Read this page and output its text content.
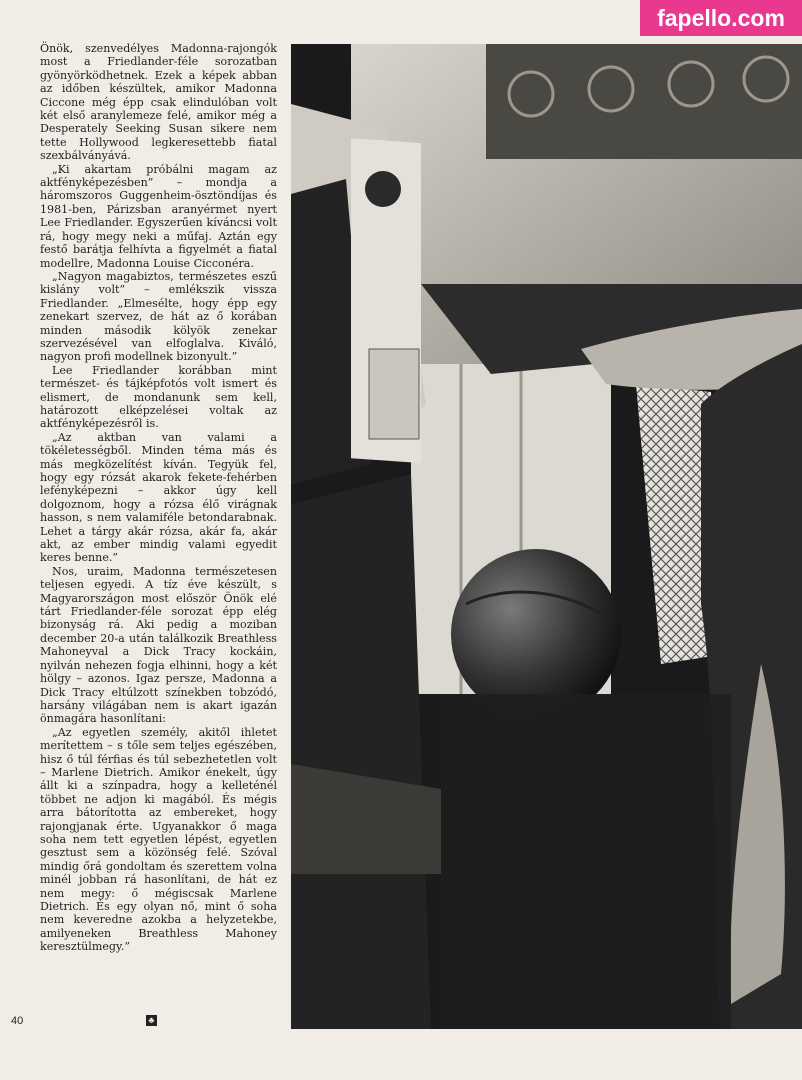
fapello.com

Önök, szenvedélyes Madonna-rajongók most a Friedlander-féle sorozatban gyönyörködhetnek. Ezek a képek abban az időben készültek, amikor Madonna Ciccone még épp csak elindulóban volt két első aranylemeze felé, amikor még a Desperately Seeking Susan sikere nem tette Hollywood legkeresettebb fiatal szexbálványává.

„Ki akartam próbálni magam az aktfényképezésben” – mondja a háromszoros Guggenheim-ösztöndíjas és 1981-ben, Párizsban aranyérmet nyert Lee Friedlander. Egyszerűen kíváncsi volt rá, hogy megy neki a műfaj. Aztán egy festő barátja felhívta a figyelmét a fiatal modellre, Madonna Louise Cicconéra.

„Nagyon magabiztos, természetes eszű kislány volt” – emlékszik vissza Friedlander. „Elmesélte, hogy épp egy zenekart szervez, de hát az ő korában minden második kölyök zenekar szervezésével van elfoglalva. Kiváló, nagyon profi modellnek bizonyult.”

Lee Friedlander korábban mint természet- és tájképfotós volt ismert és elismert, de mondanunk sem kell, határozott elképzelései voltak az aktfényképezésről is.

„Az aktban van valami a tökéletességből. Minden téma más és más megközelítést kíván. Tegyük fel, hogy egy rózsát akarok fekete-fehérben lefényképezni – akkor úgy kell dolgoznom, hogy a rózsa élő virágnak hasson, s nem valamiféle betondarabnak. Lehet a tárgy akár rózsa, akár fa, akár akt, az ember mindig valami egyedit keres benne.”

Nos, uraim, Madonna természetesen teljesen egyedi. A tíz éve készült, s Magyarországon most először Önök elé tárt Friedlander-féle sorozat épp elég bizonyság rá. Aki pedig a moziban december 20-a után találkozik Breathless Mahoneyval a Dick Tracy kockáin, nyilván nehezen fogja elhinni, hogy a két hölgy – azonos. Igaz persze, Madonna a Dick Tracy eltúlzott színekben tobzódó, harsány világában nem is akart igazán önmagára hasonlítani:

„Az egyetlen személy, akitől ihletet merítettem – s tőle sem teljes egészében, hisz ő túl férfias és túl sebezhetetlen volt – Marlene Dietrich. Amikor énekelt, úgy állt ki a színpadra, hogy a kelleténél többet ne adjon ki magából. És mégis arra bátorította az embereket, hogy rajongjanak érte. Ugyanakkor ő maga soha nem tett egyetlen lépést, egyetlen gesztust sem a közönség felé. Szóval mindig őrá gondoltam és szerettem volna minél jobban rá hasonlítani, de hát ez nem megy: ő mégiscsak Marlene Dietrich. És egy olyan nő, mint ő soha nem keveredne azokba a helyzetekbe, amilyeneken Breathless Mahoney keresztülmegy.”

40	♣
